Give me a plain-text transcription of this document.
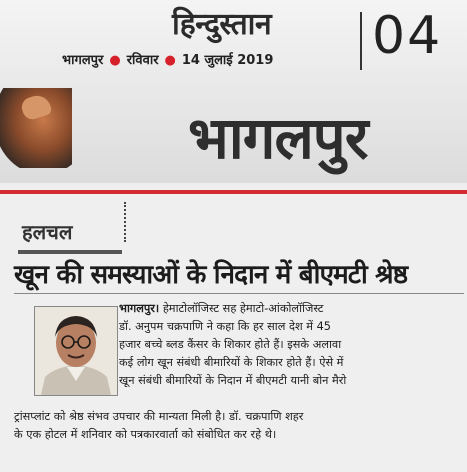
हिन्दुस्तान
भागलपुर ● रविवार ● 14 जुलाई 2019 04
भागलपुर
हलचल
खून की समस्याओं के निदान में बीएमटी श्रेष्ठ
भागलपुर। हेमाटोलॉजिस्ट सह हेमाटो-आंकोलॉजिस्ट
डॉ. अनुपम चक्रपाणि ने कहा कि हर साल देश में 45
हजार बच्चे ब्लड कैंसर के शिकार होते हैं। इसके अलावा
कई लोग खून संबंधी बीमारियों के शिकार होते हैं। ऐसे में
खून संबंधी बीमारियों के निदान में बीएमटी यानी बोन मैरो
ट्रांसप्लांट को श्रेष्ठ संभव उपचार की मान्यता मिली है। डॉ. चक्रपाणि शहर
के एक होटल में शनिवार को पत्रकारवार्ता को संबोधित कर रहे थे।
